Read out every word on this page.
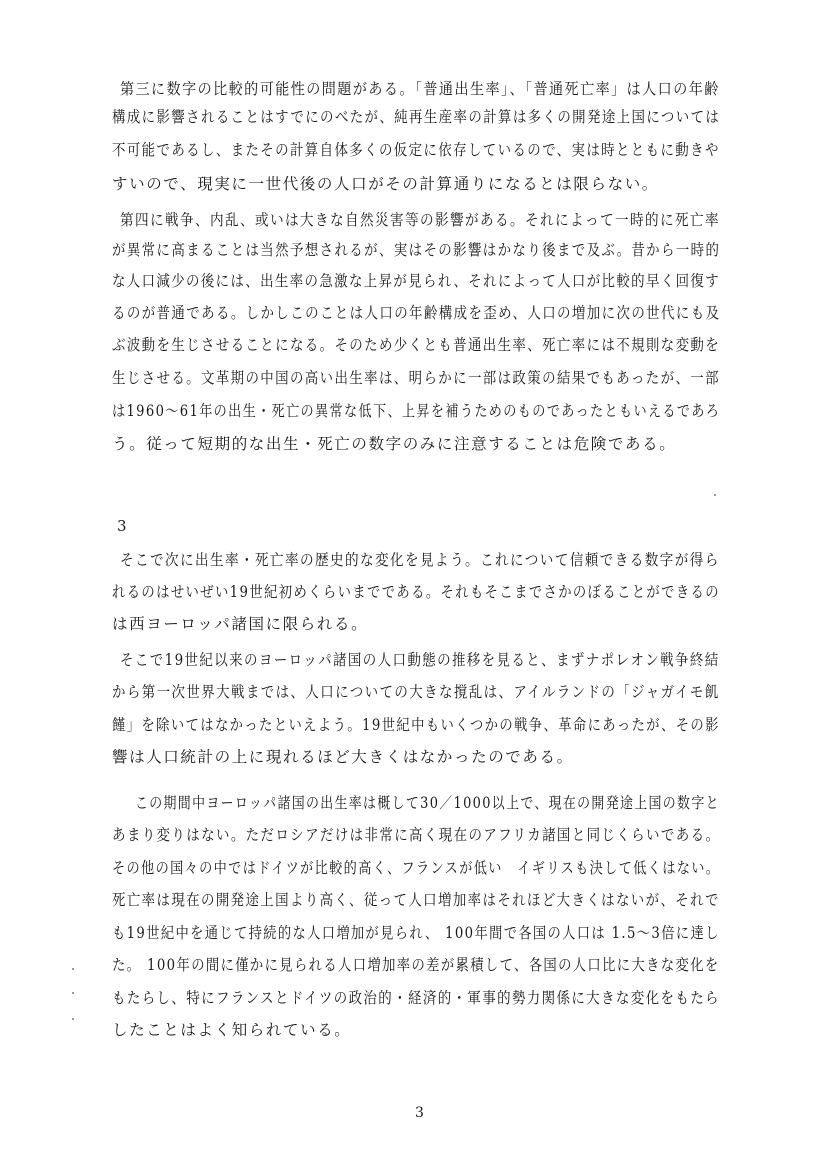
第三に数字の比較的可能性の問題がある。「普通出生率」、「普通死亡率」は人口の年齢
構成に影響されることはすでにのべたが、純再生産率の計算は多くの開発途上国については
不可能であるし、またその計算自体多くの仮定に依存しているので、実は時とともに動きや
すいので、現実に一世代後の人口がその計算通りになるとは限らない。
第四に戦争、内乱、或いは大きな自然災害等の影響がある。それによって一時的に死亡率
が異常に高まることは当然予想されるが、実はその影響はかなり後まで及ぶ。昔から一時的
な人口減少の後には、出生率の急激な上昇が見られ、それによって人口が比較的早く回復す
るのが普通である。しかしこのことは人口の年齢構成を歪め、人口の増加に次の世代にも及
ぶ波動を生じさせることになる。そのため少くとも普通出生率、死亡率には不規則な変動を
生じさせる。文革期の中国の高い出生率は、明らかに一部は政策の結果でもあったが、一部
は1960～61年の出生・死亡の異常な低下、上昇を補うためのものであったともいえるであろ
う。従って短期的な出生・死亡の数字のみに注意することは危険である。
3
そこで次に出生率・死亡率の歴史的な変化を見よう。これについて信頼できる数字が得ら
れるのはせいぜい19世紀初めくらいまでである。それもそこまでさかのぼることができるの
は西ヨーロッパ諸国に限られる。
そこで19世紀以来のヨーロッパ諸国の人口動態の推移を見ると、まずナポレオン戦争終結
から第一次世界大戦までは、人口についての大きな撹乱は、アイルランドの「ジャガイモ飢
饉」を除いてはなかったといえよう。19世紀中もいくつかの戦争、革命にあったが、その影
響は人口統計の上に現れるほど大きくはなかったのである。
この期間中ヨーロッパ諸国の出生率は概して30／1000以上で、現在の開発途上国の数字と
あまり変りはない。ただロシアだけは非常に高く現在のアフリカ諸国と同じくらいである。
その他の国々の中ではドイツが比較的高く、フランスが低い　イギリスも決して低くはない。
死亡率は現在の開発途上国より高く、従って人口増加率はそれほど大きくはないが、それで
も19世紀中を通じて持続的な人口増加が見られ、 100年間で各国の人口は 1.5～3倍に達し
た。 100年の間に僅かに見られる人口増加率の差が累積して、各国の人口比に大きな変化を
もたらし、特にフランスとドイツの政治的・経済的・軍事的勢力関係に大きな変化をもたら
したことはよく知られている。
3
